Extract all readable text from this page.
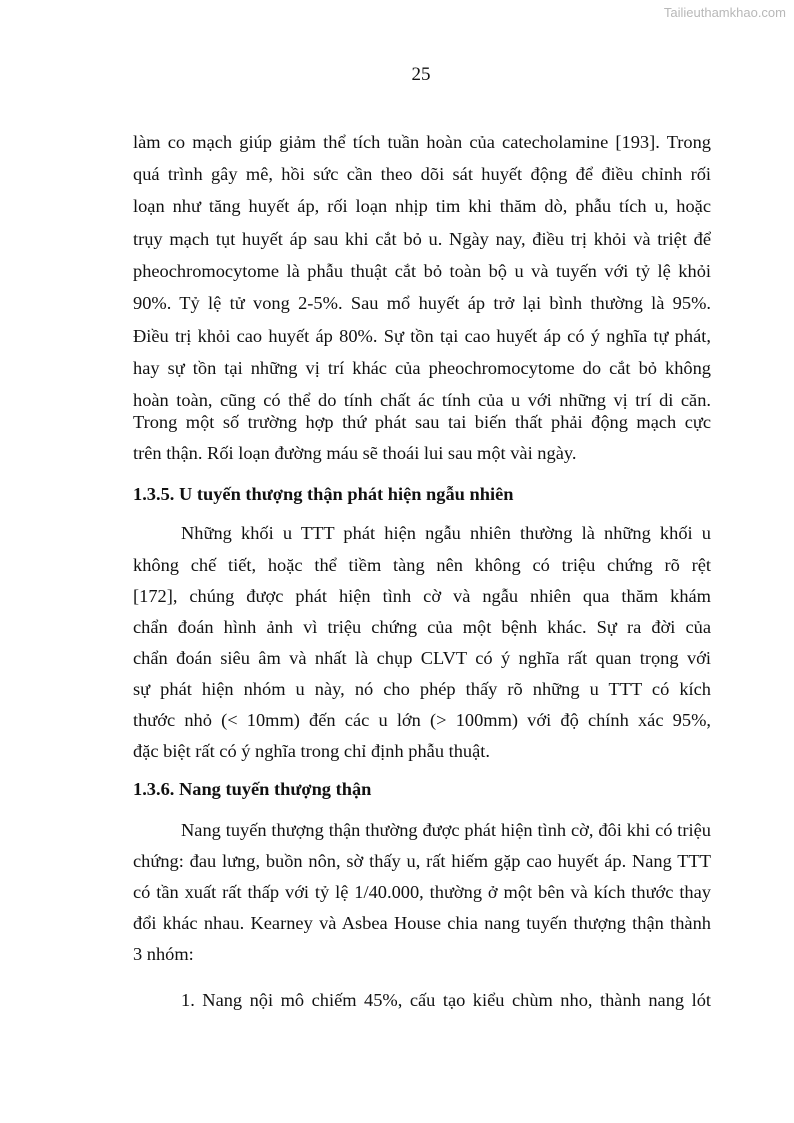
Tailieuthamkhao.com
25
làm co mạch giúp giảm thể tích tuần hoàn của catecholamine [193]. Trong
quá trình gây mê, hồi sức cần theo dõi sát huyết động để điều chỉnh rối
loạn như tăng huyết áp, rối loạn nhịp tim khi thăm dò, phẫu tích u, hoặc
trụy mạch tụt huyết áp sau khi cắt bỏ u. Ngày nay, điều trị khỏi và triệt để
pheochromocytome là phẫu thuật cắt bỏ toàn bộ u và tuyến với tỷ lệ khỏi
90%. Tỷ lệ tử vong 2-5%. Sau mổ huyết áp trở lại bình thường là 95%.
Điều trị khỏi cao huyết áp 80%. Sự tồn tại cao huyết áp có ý nghĩa tự phát,
hay sự tồn tại những vị trí khác của pheochromocytome do cắt bỏ không
hoàn toàn, cũng có thể do tính chất ác tính của u với những vị trí di căn.
Trong một số trường hợp thứ phát sau tai biến thất phải động mạch cực
trên thận. Rối loạn đường máu sẽ thoái lui sau một vài ngày.
1.3.5. U tuyến thượng thận phát hiện ngẫu nhiên
Những khối u TTT phát hiện ngẫu nhiên thường là những khối u
không chế tiết, hoặc thể tiềm tàng nên không có triệu chứng rõ rệt
[172], chúng được phát hiện tình cờ và ngẫu nhiên qua thăm khám
chẩn đoán hình ảnh vì triệu chứng của một bệnh khác. Sự ra đời của
chẩn đoán siêu âm và nhất là chụp CLVT có ý nghĩa rất quan trọng với
sự phát hiện nhóm u này, nó cho phép thấy rõ những u TTT có kích
thước nhỏ (< 10mm) đến các u lớn (> 100mm) với độ chính xác 95%,
đặc biệt rất có ý nghĩa trong chỉ định phẫu thuật.
1.3.6. Nang tuyến thượng thận
Nang tuyến thượng thận thường được phát hiện tình cờ, đôi khi có triệu
chứng: đau lưng, buồn nôn, sờ thấy u, rất hiếm gặp cao huyết áp. Nang TTT
có tần xuất rất thấp với tỷ lệ 1/40.000, thường ở một bên và kích thước thay
đổi khác nhau. Kearney và Asbea House chia nang tuyến thượng thận thành
3 nhóm:
1. Nang nội mô chiếm 45%, cấu tạo kiểu chùm nho, thành nang lót
